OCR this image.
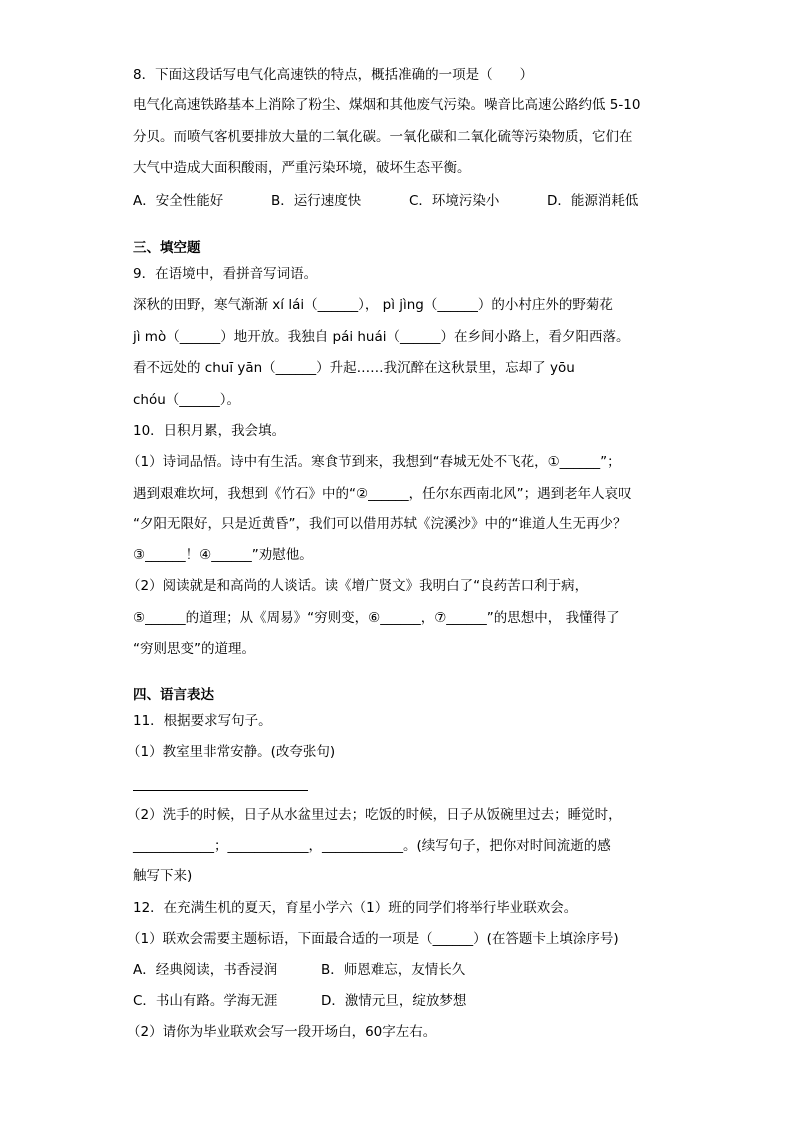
8．下面这段话写电气化高速铁的特点，概括准确的一项是（　　）
电气化高速铁路基本上消除了粉尘、煤烟和其他废气污染。噪音比高速公路约低 5-10
分贝。而喷气客机要排放大量的二氧化碳。一氧化碳和二氧化硫等污染物质，它们在
大气中造成大面积酸雨，严重污染环境，破坏生态平衡。
A．安全性能好	B．运行速度快	C．环境污染小	D．能源消耗低
三、填空题
9．在语境中，看拼音写词语。
深秋的田野，寒气渐渐 xí lái（______）， pì jìng（______）的小村庄外的野菊花
jì mò（______）地开放。我独自 pái huái（______）在乡间小路上，看夕阳西落。
看不远处的 chuī yān（______）升起……我沉醉在这秋景里，忘却了 yōu
chóu（______）。
10．日积月累，我会填。
（1）诗词品悟。诗中有生活。寒食节到来，我想到“春城无处不飞花，①______”；
遇到艰难坎坷，我想到《竹石》中的“②______，任尔东西南北风”；遇到老年人哀叹
“夕阳无限好，只是近黄昏”，我们可以借用苏轼《浣溪沙》中的“谁道人生无再少？
③______！④______”劝慰他。
（2）阅读就是和高尚的人谈话。读《增广贤文》我明白了“良药苦口利于病，
⑤______的道理；从《周易》“穷则变，⑥______，⑦______”的思想中， 我懂得了
“穷则思变”的道理。
四、语言表达
11．根据要求写句子。
（1）教室里非常安静。(改夸张句)
（2）洗手的时候，日子从水盆里过去；吃饭的时候，日子从饭碗里过去；睡觉时，
____________；____________，____________。(续写句子，把你对时间流逝的感
触写下来)
12．在充满生机的夏天，育星小学六（1）班的同学们将举行毕业联欢会。
（1）联欢会需要主题标语，下面最合适的一项是（______）(在答题卡上填涂序号)
A．经典阅读，书香浸润	B．师恩难忘，友情长久
C．书山有路。学海无涯	D．激情元旦，绽放梦想
（2）请你为毕业联欢会写一段开场白，60字左右。
